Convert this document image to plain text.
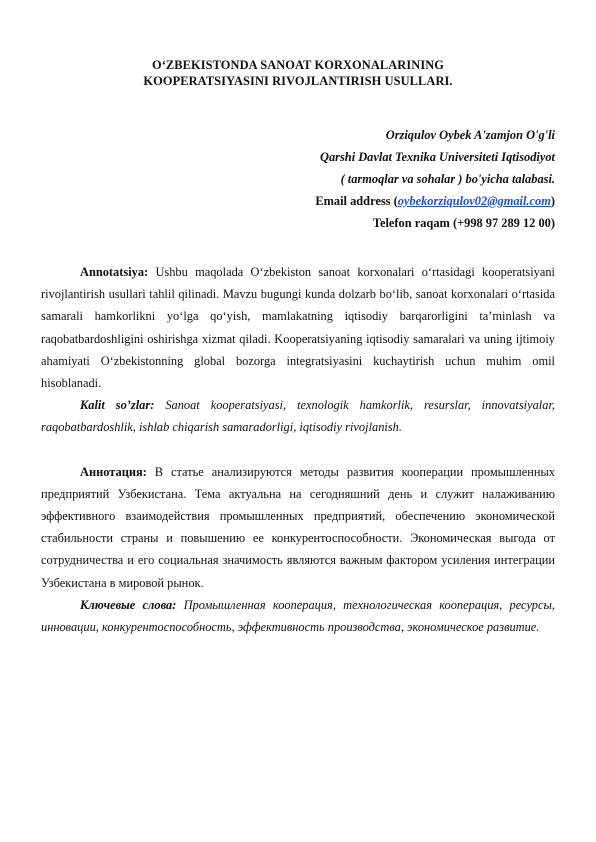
O‘ZBEKISTONDA SANOAT KORXONALARINING
KOOPERATSIYASINI RIVOJLANTIRISH USULLARI.
Orziqulov Oybek A'zamjon O'g'li
Qarshi Davlat Texnika Universiteti Iqtisodiyot
( tarmoqlar va sohalar ) bo'yicha talabasi.
Email address (oybekorziqulov02@gmail.com)
Telefon raqam (+998 97 289 12 00)

Annotatsiya: Ushbu maqolada O‘zbekiston sanoat korxonalari o‘rtasidagi kooperatsiyani rivojlantirish usullari tahlil qilinadi. Mavzu bugungi kunda dolzarb bo‘lib, sanoat korxonalari o‘rtasida samarali hamkorlikni yo‘lga qo‘yish, mamlakatning iqtisodiy barqarorligini ta’minlash va raqobatbardoshligini oshirishga xizmat qiladi. Kooperatsiyaning iqtisodiy samaralari va uning ijtimoiy ahamiyati O‘zbekistonning global bozorga integratsiyasini kuchaytirish uchun muhim omil hisoblanadi.

Kalit so’zlar: Sanoat kooperatsiyasi, texnologik hamkorlik, resurslar, innovatsiyalar, raqobatbardoshlik, ishlab chiqarish samaradorligi, iqtisodiy rivojlanish.

Аннотация: В статье анализируются методы развития кооперации промышленных предприятий Узбекистана. Тема актуальна на сегодняшний день и служит налаживанию эффективного взаимодействия промышленных предприятий, обеспечению экономической стабильности страны и повышению ее конкурентоспособности. Экономическая выгода от сотрудничества и его социальная значимость являются важным фактором усиления интеграции Узбекистана в мировой рынок.

Ключевые слова: Промышленная кооперация, технологическая кооперация, ресурсы, инновации, конкурентоспособность, эффективность производства, экономическое развитие.
